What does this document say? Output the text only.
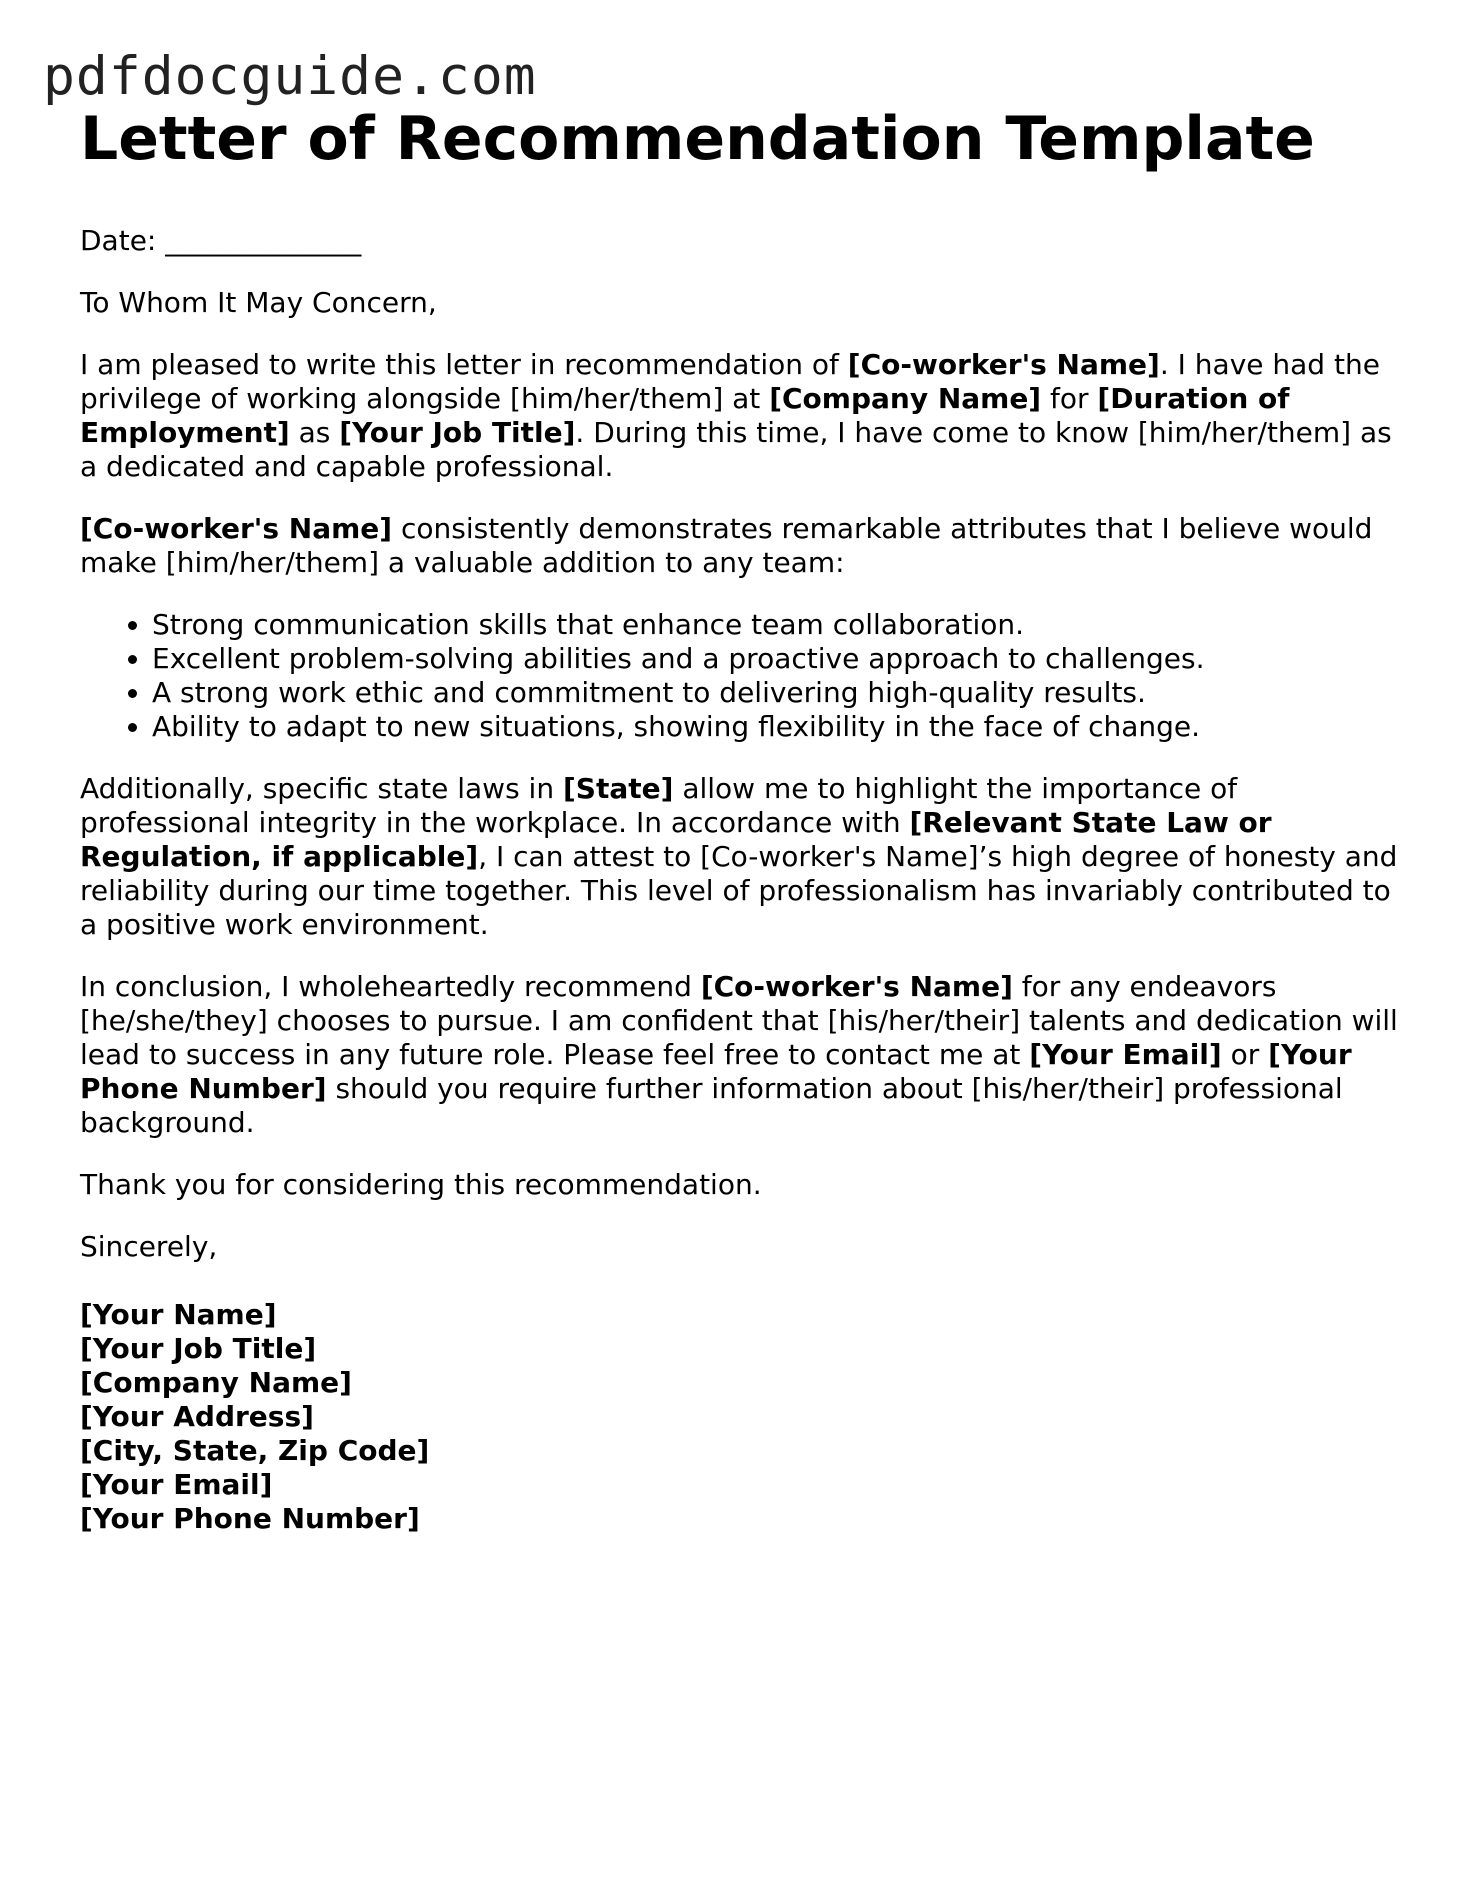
pdfdocguide.com
Letter of Recommendation Template

Date: ______________

To Whom It May Concern,

I am pleased to write this letter in recommendation of [Co-worker's Name]. I have had the privilege of working alongside [him/her/them] at [Company Name] for [Duration of Employment] as [Your Job Title]. During this time, I have come to know [him/her/them] as a dedicated and capable professional.

[Co-worker's Name] consistently demonstrates remarkable attributes that I believe would make [him/her/them] a valuable addition to any team:

• Strong communication skills that enhance team collaboration.
• Excellent problem-solving abilities and a proactive approach to challenges.
• A strong work ethic and commitment to delivering high-quality results.
• Ability to adapt to new situations, showing flexibility in the face of change.

Additionally, specific state laws in [State] allow me to highlight the importance of professional integrity in the workplace. In accordance with [Relevant State Law or Regulation, if applicable], I can attest to [Co-worker's Name]’s high degree of honesty and reliability during our time together. This level of professionalism has invariably contributed to a positive work environment.

In conclusion, I wholeheartedly recommend [Co-worker's Name] for any endeavors [he/she/they] chooses to pursue. I am confident that [his/her/their] talents and dedication will lead to success in any future role. Please feel free to contact me at [Your Email] or [Your Phone Number] should you require further information about [his/her/their] professional background.

Thank you for considering this recommendation.

Sincerely,

[Your Name]
[Your Job Title]
[Company Name]
[Your Address]
[City, State, Zip Code]
[Your Email]
[Your Phone Number]
